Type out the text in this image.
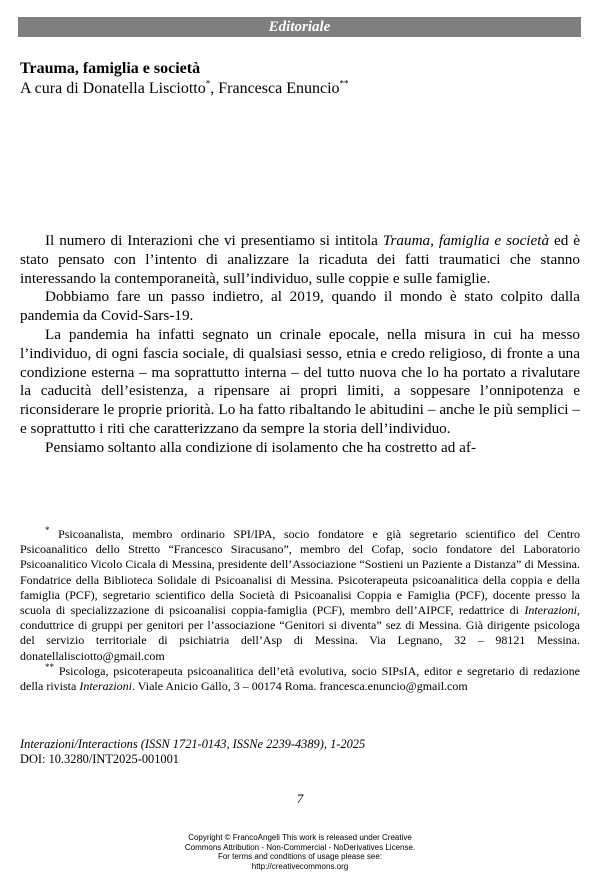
Editoriale
Trauma, famiglia e società
A cura di Donatella Lisciotto*, Francesca Enuncio**

Il numero di Interazioni che vi presentiamo si intitola Trauma, famiglia e società ed è stato pensato con l’intento di analizzare la ricaduta dei fatti traumatici che stanno interessando la contemporaneità, sull’individuo, sulle coppie e sulle famiglie.

Dobbiamo fare un passo indietro, al 2019, quando il mondo è stato colpito dalla pandemia da Covid-Sars-19.

La pandemia ha infatti segnato un crinale epocale, nella misura in cui ha messo l’individuo, di ogni fascia sociale, di qualsiasi sesso, etnia e credo religioso, di fronte a una condizione esterna – ma soprattutto interna – del tutto nuova che lo ha portato a rivalutare la caducità dell’esistenza, a ripensare ai propri limiti, a soppesare l’onnipotenza e riconsiderare le proprie priorità. Lo ha fatto ribaltando le abitudini – anche le più semplici – e soprattutto i riti che caratterizzano da sempre la storia dell’individuo.

Pensiamo soltanto alla condizione di isolamento che ha costretto ad af-

* Psicoanalista, membro ordinario SPI/IPA, socio fondatore e già segretario scientifico del Centro Psicoanalitico dello Stretto “Francesco Siracusano”, membro del Cofap, socio fondatore del Laboratorio Psicoanalitico Vicolo Cicala di Messina, presidente dell’Associazione “Sostieni un Paziente a Distanza” di Messina. Fondatrice della Biblioteca Solidale di Psicoanalisi di Messina. Psicoterapeuta psicoanalitica della coppia e della famiglia (PCF), segretario scientifico della Società di Psicoanalisi Coppia e Famiglia (PCF), docente presso la scuola di specializzazione di psicoanalisi coppia-famiglia (PCF), membro dell’AIPCF, redattrice di Interazioni, conduttrice di gruppi per genitori per l’associazione “Genitori si diventa” sez di Messina. Già dirigente psicologa del servizio territoriale di psichiatria dell’Asp di Messina. Via Legnano, 32 – 98121 Messina. donatellalisciotto@gmail.com

** Psicologa, psicoterapeuta psicoanalitica dell’età evolutiva, socio SIPsIA, editor e segretario di redazione della rivista Interazioni. Viale Anicio Gallo, 3 – 00174 Roma. francesca.enuncio@gmail.com

Interazioni/Interactions (ISSN 1721-0143, ISSNe 2239-4389), 1-2025
DOI: 10.3280/INT2025-001001
7
Copyright © FrancoAngeli This work is released under Creative
Commons Attribution - Non-Commercial - NoDerivatives License.
For terms and conditions of usage please see:
http://creativecommons.org
